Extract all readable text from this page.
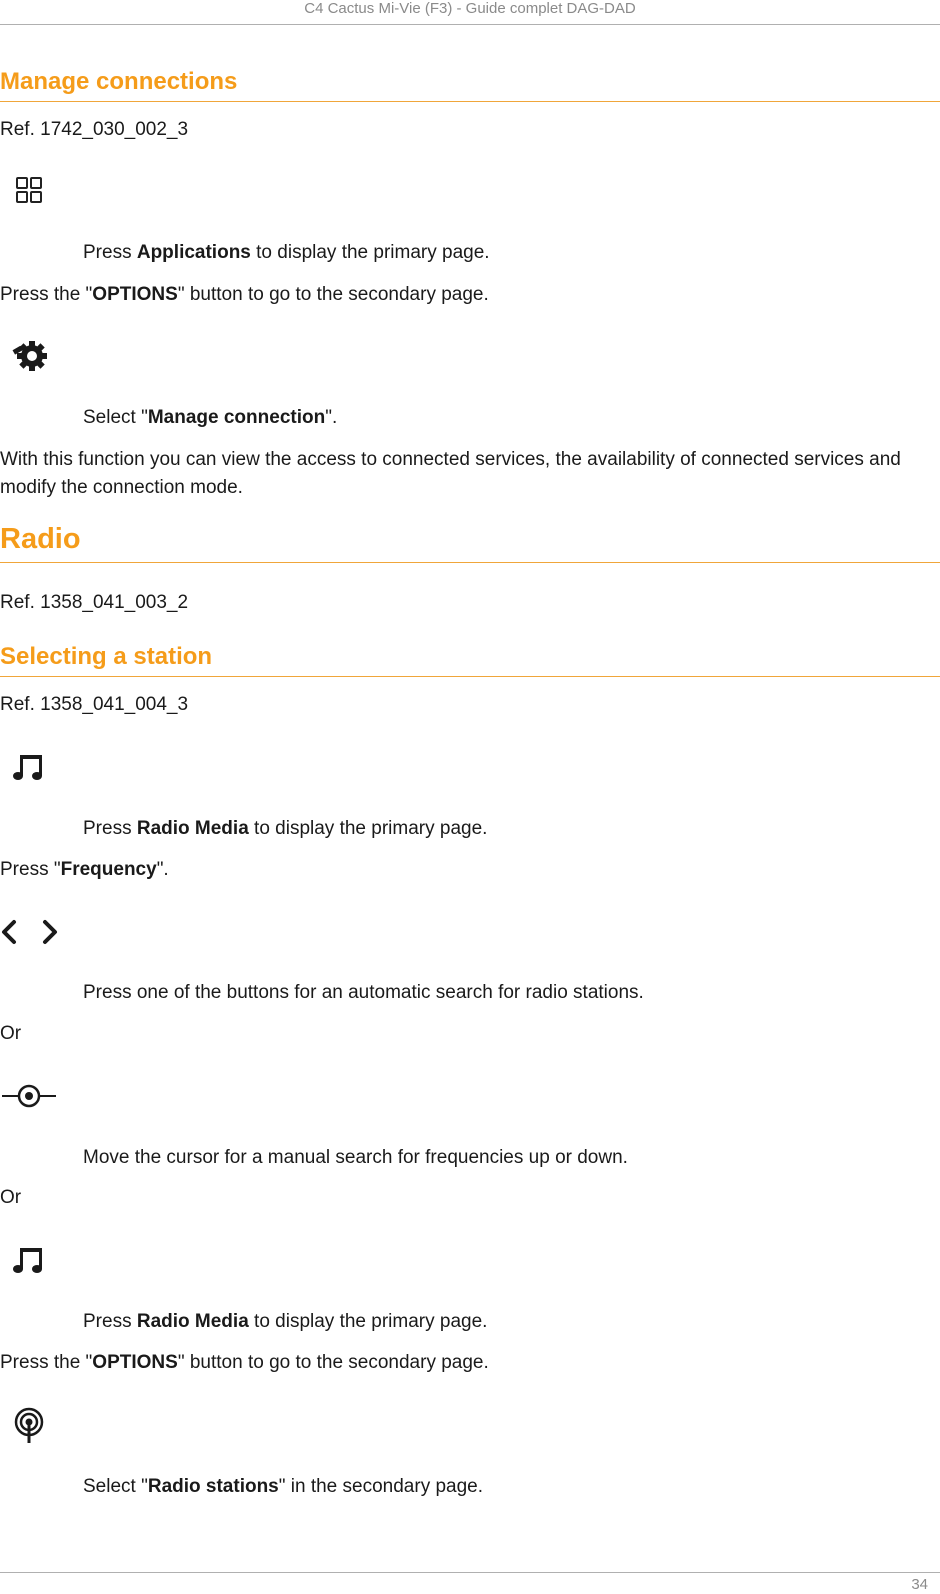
C4 Cactus Mi-Vie (F3) - Guide complet DAG-DAD
Manage connections
Ref. 1742_030_002_3
Press Applications to display the primary page.
Press the "OPTIONS" button to go to the secondary page.
Select "Manage connection".
With this function you can view the access to connected services, the availability of connected services and modify the connection mode.
Radio
Ref. 1358_041_003_2
Selecting a station
Ref. 1358_041_004_3
Press Radio Media to display the primary page.
Press "Frequency".
Press one of the buttons for an automatic search for radio stations.
Or
Move the cursor for a manual search for frequencies up or down.
Or
Press Radio Media to display the primary page.
Press the "OPTIONS" button to go to the secondary page.
Select "Radio stations" in the secondary page.
34
